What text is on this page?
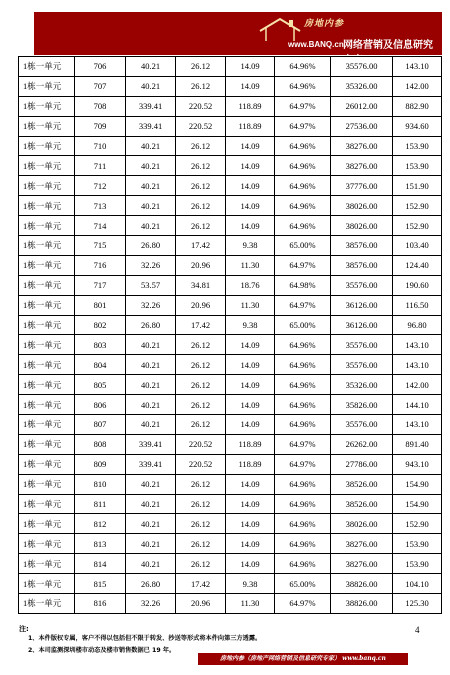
房地内参
www.BANQ.cn 网络营销及信息研究
1栋一单元	706	40.21	26.12	14.09	64.96%	35576.00	143.10
1栋一单元	707	40.21	26.12	14.09	64.96%	35326.00	142.00
1栋一单元	708	339.41	220.52	118.89	64.97%	26012.00	882.90
1栋一单元	709	339.41	220.52	118.89	64.97%	27536.00	934.60
1栋一单元	710	40.21	26.12	14.09	64.96%	38276.00	153.90
1栋一单元	711	40.21	26.12	14.09	64.96%	38276.00	153.90
1栋一单元	712	40.21	26.12	14.09	64.96%	37776.00	151.90
1栋一单元	713	40.21	26.12	14.09	64.96%	38026.00	152.90
1栋一单元	714	40.21	26.12	14.09	64.96%	38026.00	152.90
1栋一单元	715	26.80	17.42	9.38	65.00%	38576.00	103.40
1栋一单元	716	32.26	20.96	11.30	64.97%	38576.00	124.40
1栋一单元	717	53.57	34.81	18.76	64.98%	35576.00	190.60
1栋一单元	801	32.26	20.96	11.30	64.97%	36126.00	116.50
1栋一单元	802	26.80	17.42	9.38	65.00%	36126.00	96.80
1栋一单元	803	40.21	26.12	14.09	64.96%	35576.00	143.10
1栋一单元	804	40.21	26.12	14.09	64.96%	35576.00	143.10
1栋一单元	805	40.21	26.12	14.09	64.96%	35326.00	142.00
1栋一单元	806	40.21	26.12	14.09	64.96%	35826.00	144.10
1栋一单元	807	40.21	26.12	14.09	64.96%	35576.00	143.10
1栋一单元	808	339.41	220.52	118.89	64.97%	26262.00	891.40
1栋一单元	809	339.41	220.52	118.89	64.97%	27786.00	943.10
1栋一单元	810	40.21	26.12	14.09	64.96%	38526.00	154.90
1栋一单元	811	40.21	26.12	14.09	64.96%	38526.00	154.90
1栋一单元	812	40.21	26.12	14.09	64.96%	38026.00	152.90
1栋一单元	813	40.21	26.12	14.09	64.96%	38276.00	153.90
1栋一单元	814	40.21	26.12	14.09	64.96%	38276.00	153.90
1栋一单元	815	26.80	17.42	9.38	65.00%	38826.00	104.10
1栋一单元	816	32.26	20.96	11.30	64.97%	38826.00	125.30
注:
1、本件版权专属，客户不得以包括但不限于转发、抄送等形式将本件向第三方透露。
2、本司监测深圳楼市动态及楼市销售数据已 19 年。
4
房地内参（房地产网络营销及信息研究专家） www.banq.cn
